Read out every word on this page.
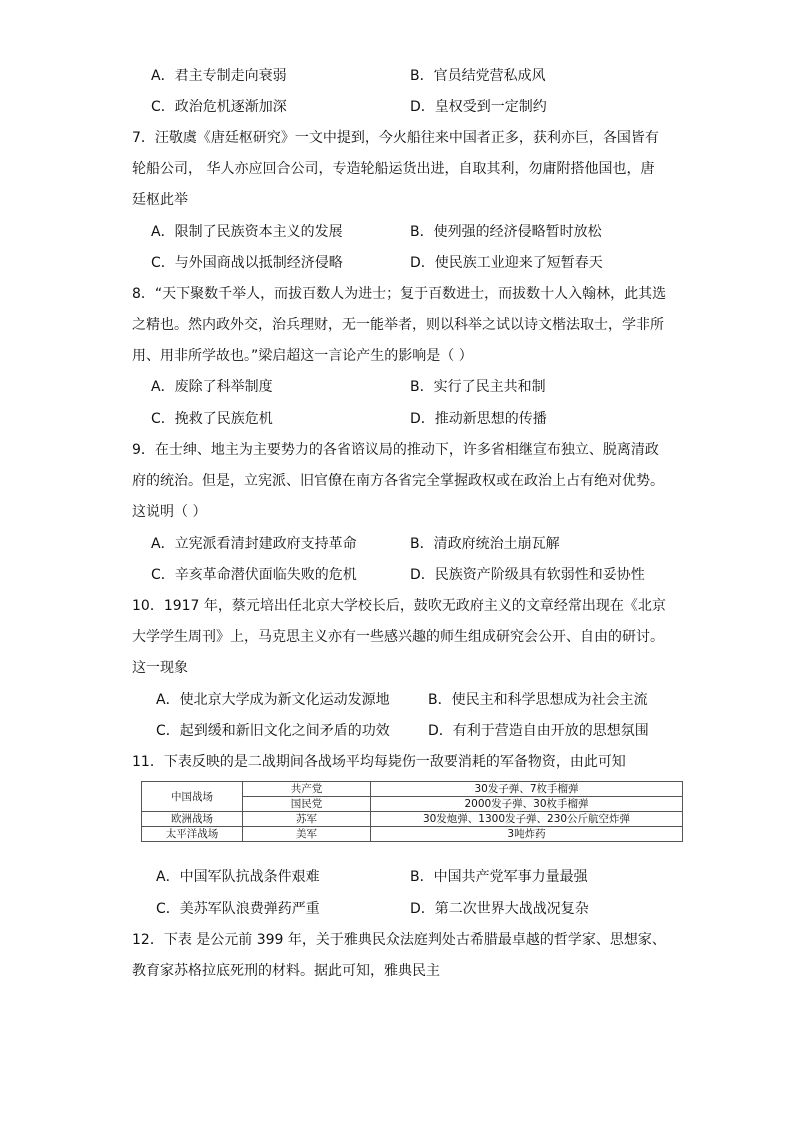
A．君主专制走向衰弱	B．官员结党营私成风
C．政治危机逐渐加深	D．皇权受到一定制约
7．汪敬虞《唐廷枢研究》一文中提到，今火船往来中国者正多，获利亦巨，各国皆有
轮船公司， 华人亦应回合公司，专造轮船运货出进，自取其利，勿庸附搭他国也，唐
廷枢此举
A．限制了民族资本主义的发展	B．使列强的经济侵略暂时放松
C．与外国商战以抵制经济侵略	D．使民族工业迎来了短暂春天
8．“天下聚数千举人，而拔百数人为进士；复于百数进士，而拔数十人入翰林，此其选
之精也。然内政外交，治兵理财，无一能举者，则以科举之试以诗文楷法取士，学非所
用、用非所学故也。”梁启超这一言论产生的影响是（ ）
A．废除了科举制度	B．实行了民主共和制
C．挽救了民族危机	D．推动新思想的传播
9．在士绅、地主为主要势力的各省谘议局的推动下，许多省相继宣布独立、脱离清政
府的统治。但是，立宪派、旧官僚在南方各省完全掌握政权或在政治上占有绝对优势。
这说明（ ）
A．立宪派看清封建政府支持革命	B．清政府统治土崩瓦解
C．辛亥革命潜伏面临失败的危机	D．民族资产阶级具有软弱性和妥协性
10．1917 年，蔡元培出任北京大学校长后，鼓吹无政府主义的文章经常出现在《北京
大学学生周刊》上，马克思主义亦有一些感兴趣的师生组成研究会公开、自由的研讨。
这一现象
A．使北京大学成为新文化运动发源地	B．使民主和科学思想成为社会主流
C．起到缓和新旧文化之间矛盾的功效	D．有利于营造自由开放的思想氛围
11．下表反映的是二战期间各战场平均每毙伤一敌要消耗的军备物资，由此可知
中国战场	共产党	30发子弹、7枚手榴弹
	国民党	2000发子弹、30枚手榴弹
欧洲战场	苏军	30发炮弹、1300发子弹、230公斤航空炸弹
太平洋战场	美军	3吨炸药
A．中国军队抗战条件艰难	B．中国共产党军事力量最强
C．美苏军队浪费弹药严重	D．第二次世界大战战况复杂
12．下表 是公元前 399 年，关于雅典民众法庭判处古希腊最卓越的哲学家、思想家、
教育家苏格拉底死刑的材料。据此可知，雅典民主
